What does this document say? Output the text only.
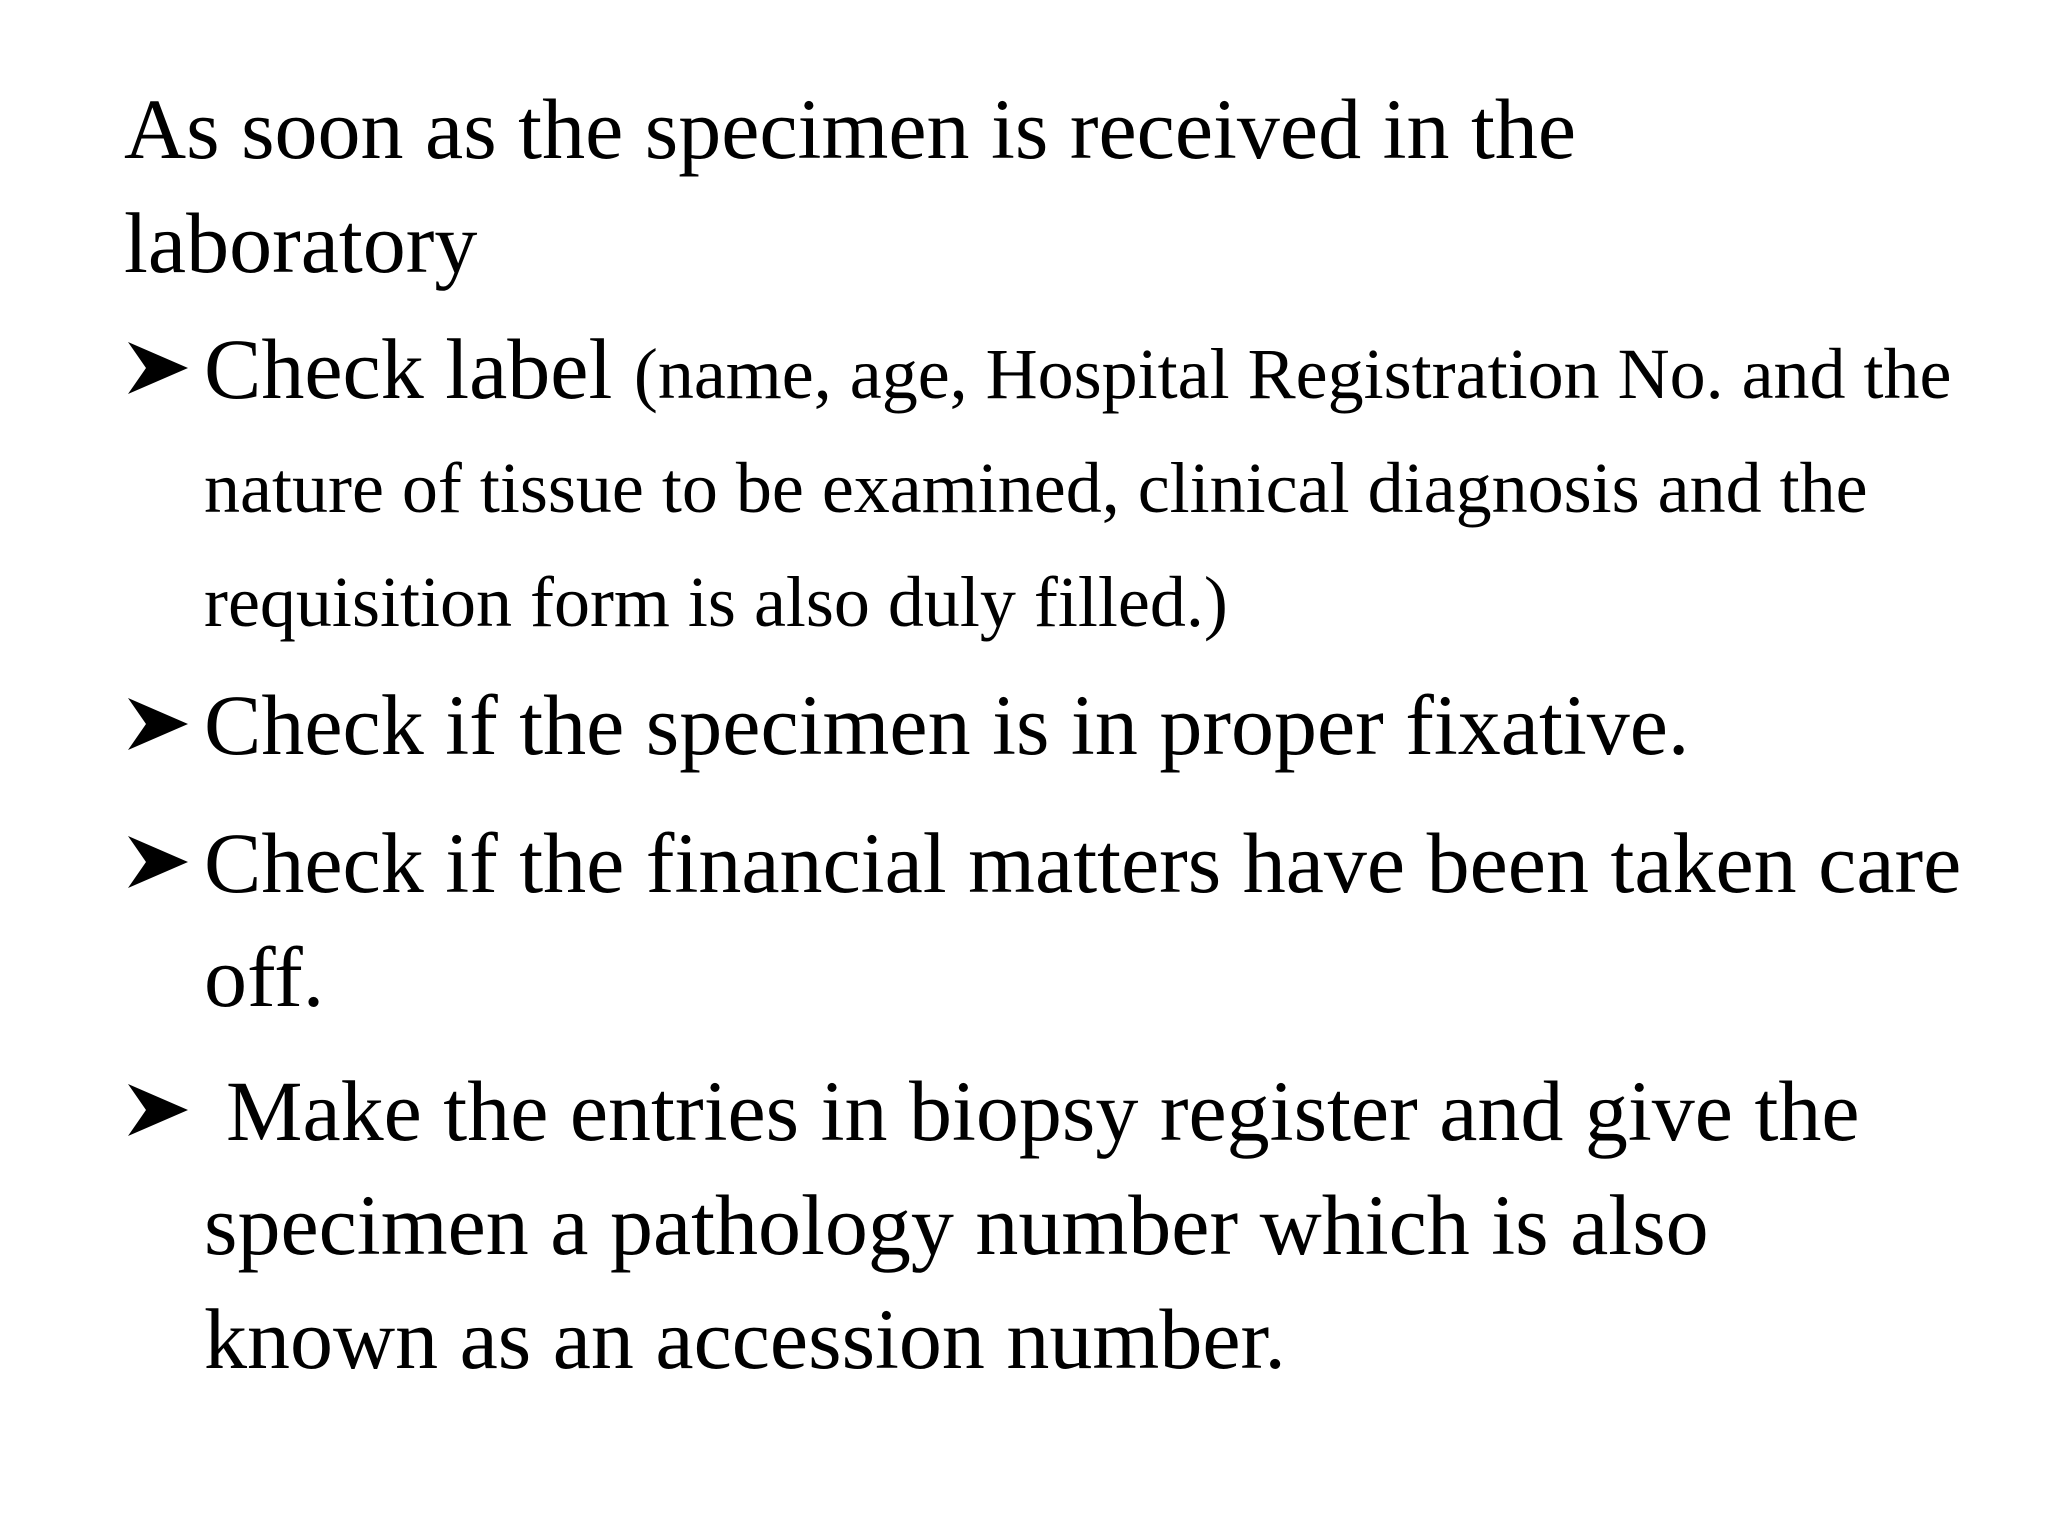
As soon as the specimen is received in the laboratory
Check label (name, age, Hospital Registration No. and the nature of tissue to be examined, clinical diagnosis and the requisition form is also duly filled.)
Check if the specimen is in proper fixative.
Check if the financial matters have been taken care off.
Make the entries in biopsy register and give the specimen a pathology number which is also known as an accession number.
